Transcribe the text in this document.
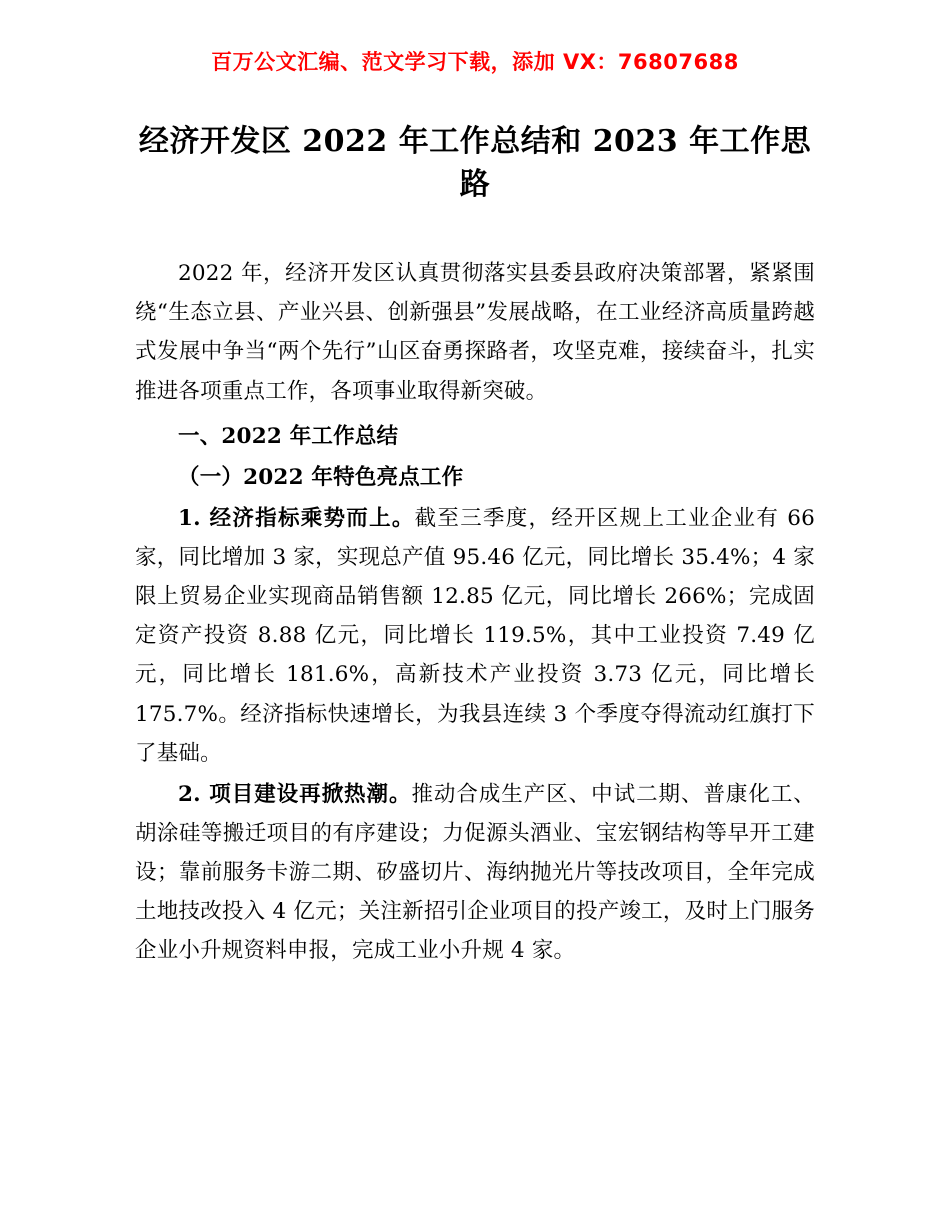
百万公文汇编、范文学习下载，添加 VX：76807688
经济开发区 2022 年工作总结和 2023 年工作思路

2022 年，经济开发区认真贯彻落实县委县政府决策部署，紧紧围绕“生态立县、产业兴县、创新强县”发展战略，在工业经济高质量跨越式发展中争当“两个先行”山区奋勇探路者，攻坚克难，接续奋斗，扎实推进各项重点工作，各项事业取得新突破。

一、2022 年工作总结

（一）2022 年特色亮点工作

1. 经济指标乘势而上。截至三季度，经开区规上工业企业有 66 家，同比增加 3 家，实现总产值 95.46 亿元，同比增长 35.4%；4 家限上贸易企业实现商品销售额 12.85 亿元，同比增长 266%；完成固定资产投资 8.88 亿元，同比增长 119.5%，其中工业投资 7.49 亿元，同比增长 181.6%，高新技术产业投资 3.73 亿元，同比增长 175.7%。经济指标快速增长，为我县连续 3 个季度夺得流动红旗打下了基础。

2. 项目建设再掀热潮。推动合成生产区、中试二期、普康化工、胡涂硅等搬迁项目的有序建设；力促源头酒业、宝宏钢结构等早开工建设；靠前服务卡游二期、矽盛切片、海纳抛光片等技改项目，全年完成土地技改投入 4 亿元；关注新招引企业项目的投产竣工，及时上门服务企业小升规资料申报，完成工业小升规 4 家。
